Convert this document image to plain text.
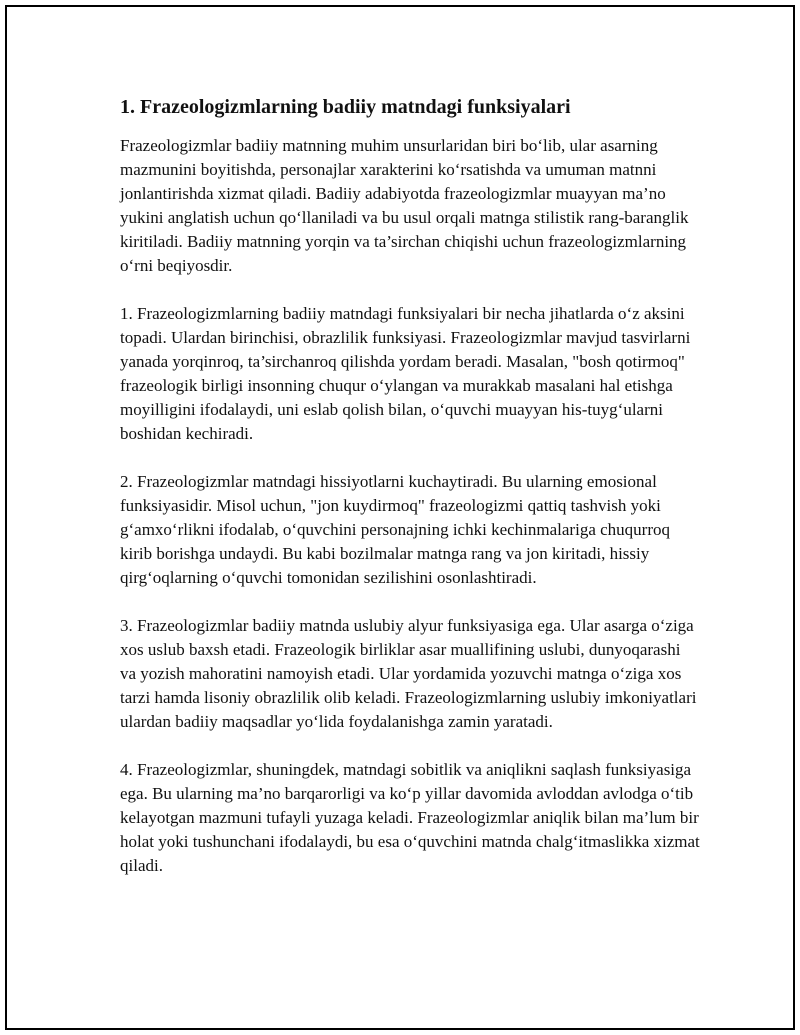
1. Frazeologizmlarning badiiy matndagi funksiyalari

Frazeologizmlar badiiy matnning muhim unsurlaridan biri bo‘lib, ular asarning mazmunini boyitishda, personajlar xarakterini ko‘rsatishda va umuman matnni jonlantirishda xizmat qiladi. Badiiy adabiyotda frazeologizmlar muayyan ma’no yukini anglatish uchun qo‘llaniladi va bu usul orqali matnga stilistik rang-baranglik kiritiladi. Badiiy matnning yorqin va ta’sirchan chiqishi uchun frazeologizmlarning o‘rni beqiyosdir.

1. Frazeologizmlarning badiiy matndagi funksiyalari bir necha jihatlarda o‘z aksini topadi. Ulardan birinchisi, obrazlilik funksiyasi. Frazeologizmlar mavjud tasvirlarni yanada yorqinroq, ta’sirchanroq qilishda yordam beradi. Masalan, "bosh qotirmoq" frazeologik birligi insonning chuqur o‘ylangan va murakkab masalani hal etishga moyilligini ifodalaydi, uni eslab qolish bilan, o‘quvchi muayyan his-tuyg‘ularni boshidan kechiradi.

2. Frazeologizmlar matndagi hissiyotlarni kuchaytiradi. Bu ularning emosional funksiyasidir. Misol uchun, "jon kuydirmoq" frazeologizmi qattiq tashvish yoki g‘amxo‘rlikni ifodalab, o‘quvchini personajning ichki kechinmalariga chuqurroq kirib borishga undaydi. Bu kabi bozilmalar matnga rang va jon kiritadi, hissiy qirg‘oqlarning o‘quvchi tomonidan sezilishini osonlashtiradi.

3. Frazeologizmlar badiiy matnda uslubiy alyur funksiyasiga ega. Ular asarga o‘ziga xos uslub baxsh etadi. Frazeologik birliklar asar muallifining uslubi, dunyoqarashi va yozish mahoratini namoyish etadi. Ular yordamida yozuvchi matnga o‘ziga xos tarzi hamda lisoniy obrazlilik olib keladi. Frazeologizmlarning uslubiy imkoniyatlari ulardan badiiy maqsadlar yo‘lida foydalanishga zamin yaratadi.

4. Frazeologizmlar, shuningdek, matndagi sobitlik va aniqlikni saqlash funksiyasiga ega. Bu ularning ma’no barqarorligi va ko‘p yillar davomida avloddan avlodga o‘tib kelayotgan mazmuni tufayli yuzaga keladi. Frazeologizmlar aniqlik bilan ma’lum bir holat yoki tushunchani ifodalaydi, bu esa o‘quvchini matnda chalg‘itmaslikka xizmat qiladi.
